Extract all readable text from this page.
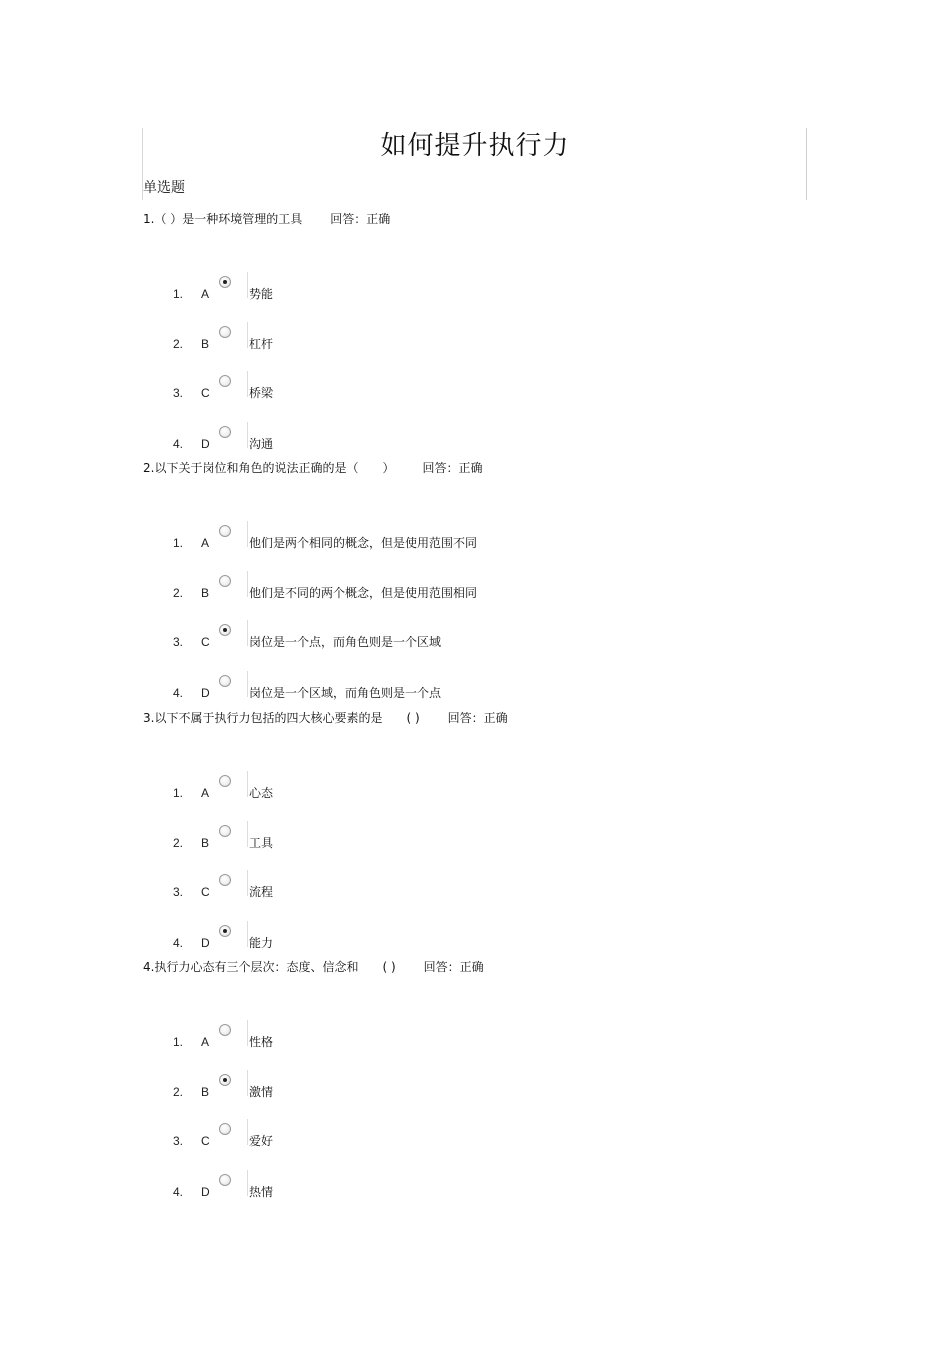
如何提升执行力
单选题
1.（ ）是一种环境管理的工具 回答：正确
1. A	势能
2. B	杠杆
3. C	桥梁
4. D	沟通
2.以下关于岗位和角色的说法正确的是（　　） 回答：正确
1. A	他们是两个相同的概念，但是使用范围不同
2. B	他们是不同的两个概念，但是使用范围相同
3. C	岗位是一个点，而角色则是一个区域
4. D	岗位是一个区域，而角色则是一个点
3.以下不属于执行力包括的四大核心要素的是　　( ) 回答：正确
1. A	心态
2. B	工具
3. C	流程
4. D	能力
4.执行力心态有三个层次：态度、信念和　　( ) 回答：正确
1. A	性格
2. B	激情
3. C	爱好
4. D	热情
